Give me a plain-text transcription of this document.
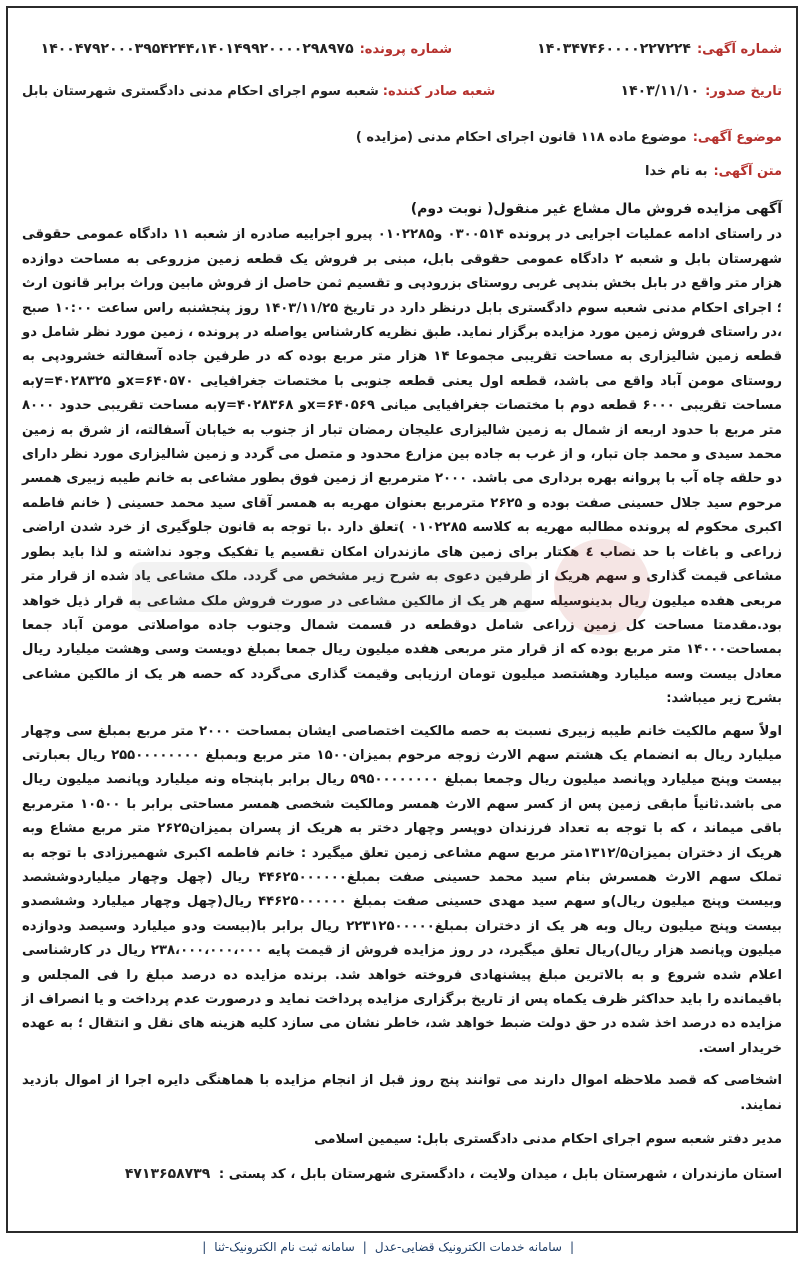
شماره آگهی:
۱۴۰۳۴۷۴۶۰۰۰۰۲۲۷۲۲۴
شماره پرونده:
۱۴۰۰۴۷۹۲۰۰۰۳۹۵۴۲۴۴،۱۴۰۱۴۹۹۲۰۰۰۰۲۹۸۹۷۵
تاریخ صدور:
۱۴۰۳/۱۱/۱۰
شعبه صادر کننده:
شعبه سوم اجرای احکام مدنی دادگستری شهرستان بابل
موضوع آگهی:
موضوع ماده ۱۱۸ قانون اجرای احکام مدنی (مزایده )
متن آگهی:
به نام خدا

آگهی مزایده فروش مال مشاع غیر منقول( نوبت دوم)

در راستای ادامه عملیات اجرایی در پرونده ۰۳۰۰۵۱۴ و۰۱۰۲۲۸۵ پیرو اجراییه صادره از شعبه ۱۱ دادگاه عمومی حقوقی شهرستان بابل و شعبه ۲ دادگاه عمومی حقوقی بابل، مبنی بر فروش یک قطعه زمین مزروعی به مساحت دوازده هزار متر واقع در بابل بخش بندپی غربی روستای بزرودپی و تقسیم ثمن حاصل از فروش مابین وراث برابر قانون ارث ؛ اجرای احکام مدنی شعبه سوم دادگستری بابل درنظر دارد در تاریخ ۱۴۰۳/۱۱/۲۵ روز پنجشنبه راس ساعت ۱۰:۰۰ صبح ،در راستای فروش زمین مورد مزایده برگزار نماید. طبق نظریه کارشناس یواصله در پرونده ، زمین مورد نظر شامل دو قطعه زمین شالیزاری به مساحت تقریبی مجموعا ۱۴ هزار متر مربع بوده که در طرفین جاده آسفالته خشرودپی به روستای مومن آباد واقع می باشد، قطعه اول یعنی قطعه جنوبی با مختصات جغرافیایی x=۶۴۰۵۷۰و y=۴۰۲۸۳۲۵به مساحت تقریبی ۶۰۰۰ قطعه دوم با مختصات جغرافیایی میانی x=۶۴۰۵۶۹و y=۴۰۲۸۳۶۸به مساحت تقریبی حدود ۸۰۰۰ متر مربع با حدود اربعه از شمال به زمین شالیزاری علیجان رمضان تبار از جنوب به خیابان آسفالته، از شرق به زمین محمد سیدی و محمد جان تبار، و از غرب به جاده بین مزارع محدود و متصل می گردد و زمین شالیزاری مورد نظر دارای دو حلقه چاه آب با پروانه بهره برداری می باشد. ۲۰۰۰ مترمربع از زمین فوق بطور مشاعی به خانم طیبه زبیری همسر مرحوم سید جلال حسینی صفت بوده و ۲۶۲۵ مترمربع بعنوان مهریه به همسر آقای سید محمد حسینی ( خانم فاطمه اکبری محکوم له پرونده مطالبه مهریه به کلاسه ۰۱۰۲۲۸۵ )تعلق دارد .با توجه به قانون جلوگیری از خرد شدن اراضی زراعی و باغات با حد نصاب ٤ هکتار برای زمین های مازندران امکان تقسیم یا تفکیک وجود نداشته و لذا باید بطور مشاعی قیمت گذاری و سهم هریک از طرفین دعوی به شرح زیر مشخص می گردد. ملک مشاعی یاد شده از قرار متر مربعی هفده میلیون ریال بدینوسیله سهم هر یک از مالکین مشاعی در صورت فروش ملک مشاعی به قرار ذیل خواهد بود.مقدمتا مساحت کل زمین زراعی شامل دوقطعه در قسمت شمال وجنوب جاده مواصلاتی مومن آباد جمعا بمساحت۱۴۰۰۰ متر مربع بوده که از قرار متر مربعی هفده میلیون ریال جمعا بمبلغ دویست وسی وهشت میلیارد ریال معادل بیست وسه میلیارد وهشتصد میلیون تومان ارزیابی وقیمت گذاری می‌گردد که حصه هر یک از مالکین مشاعی بشرح زیر میباشد:

اولاً سهم مالکیت خانم طیبه زبیری نسبت به حصه مالکیت اختصاصی ایشان بمساحت ۲۰۰۰ متر مربع بمبلغ سی وچهار میلیارد ریال به انضمام یک هشتم سهم الارث زوجه مرحوم بمیزان۱۵۰۰ متر مربع وبمبلغ ۲۵۵۰۰۰۰۰۰۰۰ ریال بعبارتی بیست وپنج میلیارد وپانصد میلیون ریال وجمعا بمبلغ ۵۹۵۰۰۰۰۰۰۰۰ ریال برابر باپنجاه ونه میلیارد وپانصد میلیون ریال می باشد.ثانیاً مابقی زمین پس از کسر سهم الارث همسر ومالکیت شخصی همسر مساحتی برابر با ۱۰۵۰۰ مترمربع باقی میماند ، که با توجه به تعداد فرزندان دوپسر وچهار دختر به هریک از پسران بمیزان۲۶۲۵ متر مربع مشاع وبه هریک از دختران بمیزان۱۳۱۲/۵متر مربع سهم مشاعی زمین تعلق میگیرد : خانم فاطمه اکبری شهمیرزادی با توجه به تملک سهم الارث همسرش بنام سید محمد حسینی صفت بمبلغ۴۴۶۲۵۰۰۰۰۰۰ ریال (چهل وچهار میلیاردوششصد وبیست وپنج میلیون ریال)و سهم سید مهدی حسینی صفت بمبلغ ۴۴۶۲۵۰۰۰۰۰۰ ریال(چهل وچهار میلیارد وششصدو بیست وپنج میلیون ریال وبه هر یک از دختران بمبلغ۲۲۳۱۲۵۰۰۰۰۰ ریال برابر با(بیست ودو میلیارد وسیصد ودوازده میلیون وپانصد هزار ریال)ریال تعلق میگیرد، در روز مزایده فروش از قیمت پایه ۲۳۸،۰۰۰،۰۰۰،۰۰۰ ریال در کارشناسی اعلام شده شروع و به بالاترین مبلغ پیشنهادی فروخته خواهد شد. برنده مزایده ده درصد مبلغ را فی المجلس و باقیمانده را باید حداکثر ظرف یکماه پس از تاریخ برگزاری مزایده پرداخت نماید و درصورت عدم پرداخت و یا انصراف از مزایده ده درصد اخذ شده در حق دولت ضبط خواهد شد، خاطر نشان می سازد کلیه هزینه های نقل و انتقال ؛ به عهده خریدار است.

اشخاصی که قصد ملاحظه اموال دارند می توانند پنج روز قبل از انجام مزایده با هماهنگی دایره اجرا از اموال بازدید نمایند.

مدیر دفتر شعبه سوم اجرای احکام مدنی دادگستری بابل: سیمین اسلامی

استان مازندران ، شهرستان بابل ، میدان ولایت ، دادگستری شهرستان بابل ، کد پستی : ۴۷۱۳۶۵۸۷۳۹

|
سامانه خدمات الکترونیک قضایی-عدل
|
سامانه ثبت نام الکترونیک-ثنا
|
